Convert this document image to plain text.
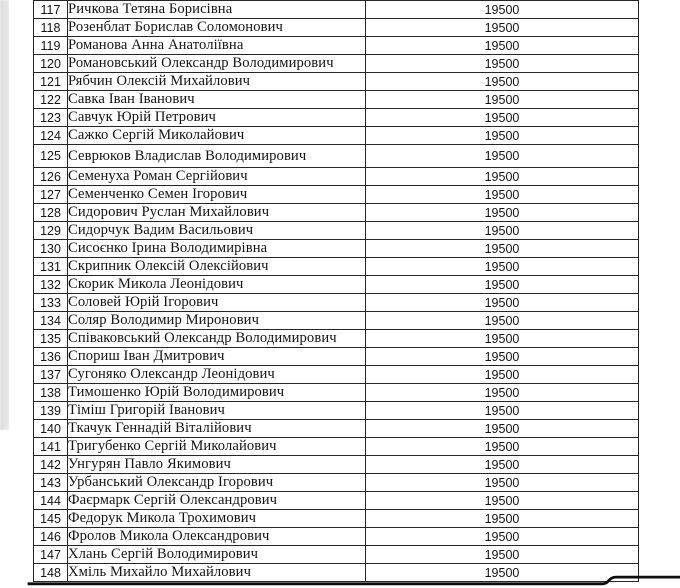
117	Ричкова Тетяна Борисівна	19500
118	Розенблат Борислав Соломонович	19500
119	Романова Анна Анатоліївна	19500
120	Романовський Олександр Володимирович	19500
121	Рябчин Олексій Михайлович	19500
122	Савка Іван Іванович	19500
123	Савчук Юрій Петрович	19500
124	Сажко Сергій Миколайович	19500
125	Севрюков Владислав Володимирович	19500
126	Семенуха Роман Сергійович	19500
127	Семенченко Семен Ігорович	19500
128	Сидорович Руслан Михайлович	19500
129	Сидорчук Вадим Васильович	19500
130	Сисоєнко Ірина Володимирівна	19500
131	Скрипник Олексій Олексійович	19500
132	Скорик Микола Леонідович	19500
133	Соловей Юрій Ігорович	19500
134	Соляр Володимир Миронович	19500
135	Співаковський Олександр Володимирович	19500
136	Спориш Іван Дмитрович	19500
137	Сугоняко Олександр Леонідович	19500
138	Тимошенко Юрій Володимирович	19500
139	Тіміш Григорій Іванович	19500
140	Ткачук Геннадій Віталійович	19500
141	Тригубенко Сергій Миколайович	19500
142	Унгурян Павло Якимович	19500
143	Урбанський Олександр Ігорович	19500
144	Фаєрмарк Сергій Олександрович	19500
145	Федорук Микола Трохимович	19500
146	Фролов Микола Олександрович	19500
147	Хлань Сергій Володимирович	19500
148	Хміль Михайло Михайлович	19500
